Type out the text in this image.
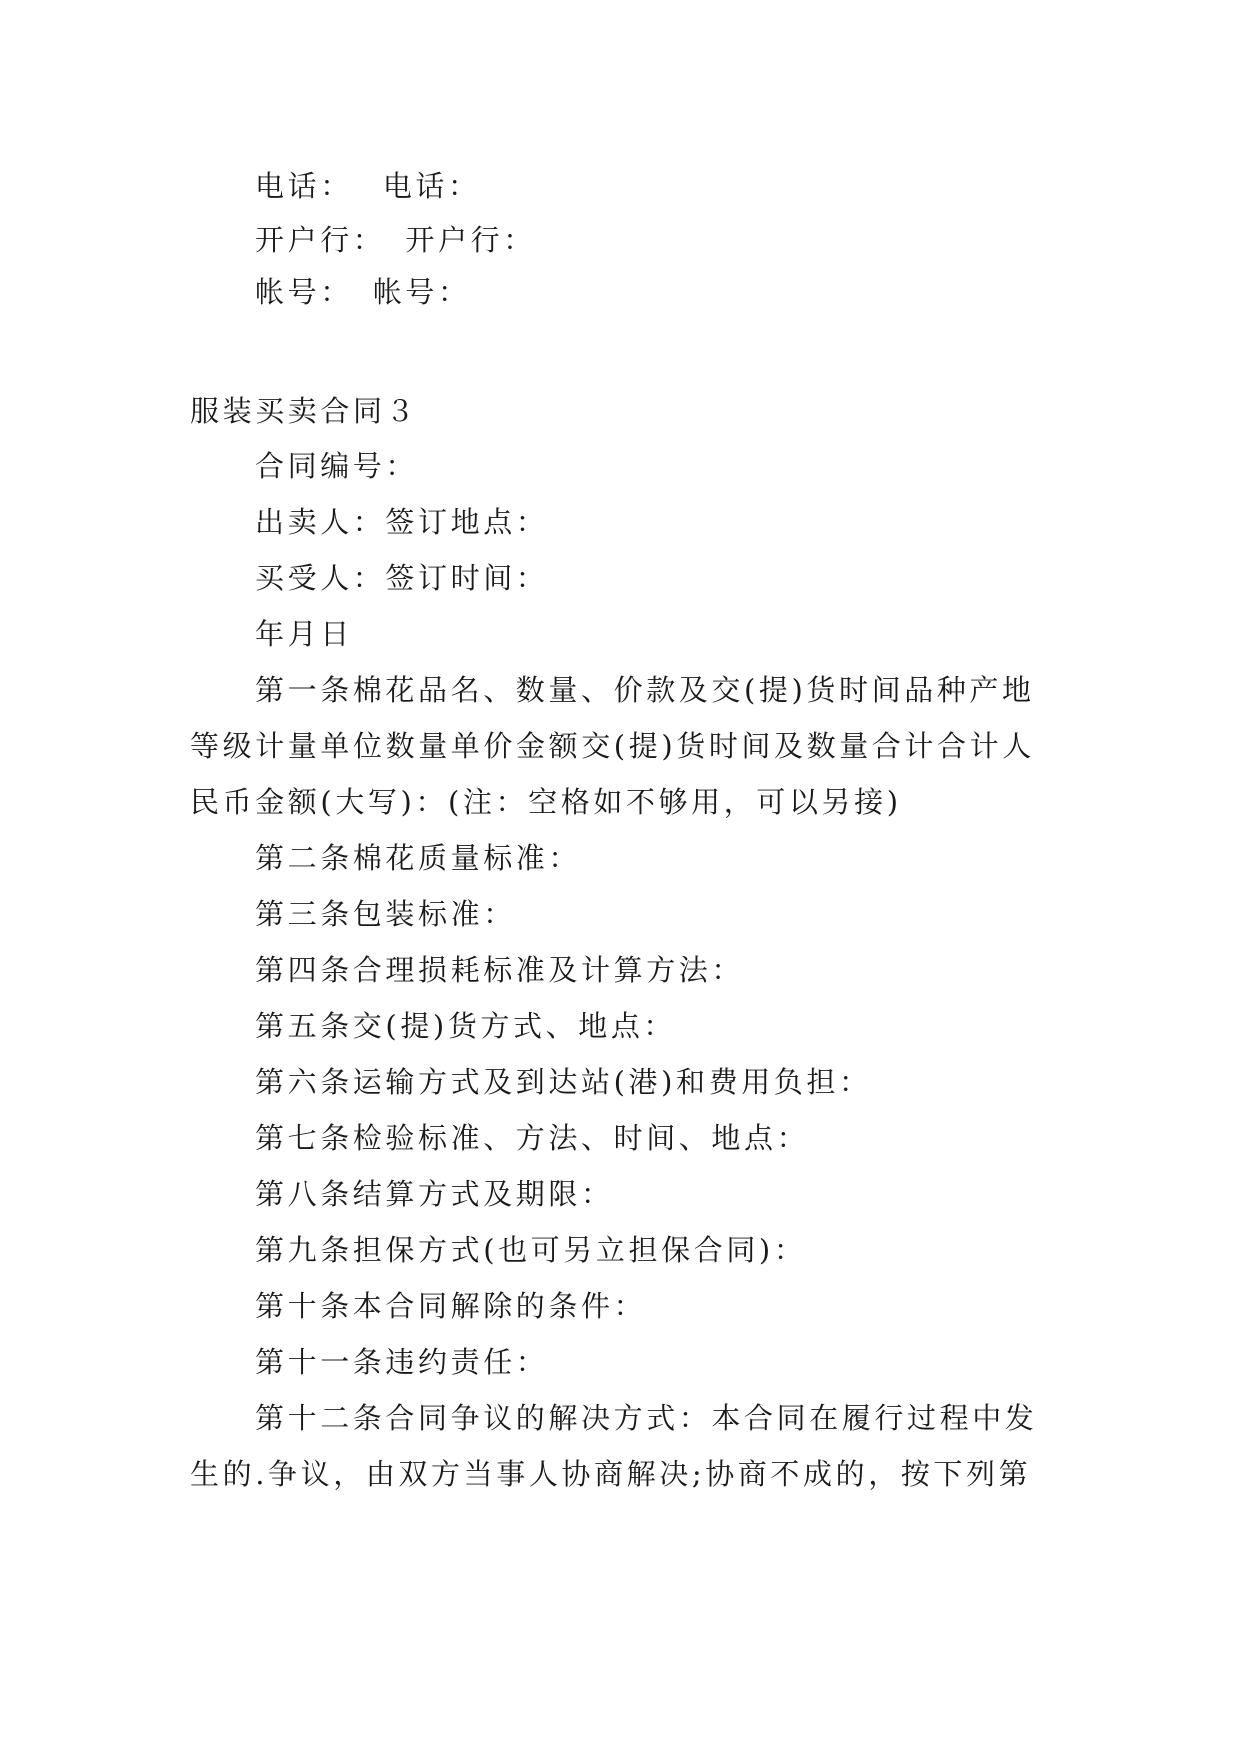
电话： 电话：
开户行： 开户行：
帐号： 帐号：
服装买卖合同３
合同编号：
出卖人：签订地点：
买受人：签订时间：
年月日
第一条棉花品名、数量、价款及交(提)货时间品种产地
等级计量单位数量单价金额交(提)货时间及数量合计合计人
民币金额(大写)：(注：空格如不够用，可以另接)
第二条棉花质量标准：
第三条包装标准：
第四条合理损耗标准及计算方法：
第五条交(提)货方式、地点：
第六条运输方式及到达站(港)和费用负担：
第七条检验标准、方法、时间、地点：
第八条结算方式及期限：
第九条担保方式(也可另立担保合同)：
第十条本合同解除的条件：
第十一条违约责任：
第十二条合同争议的解决方式：本合同在履行过程中发
生的.争议，由双方当事人协商解决;协商不成的，按下列第
